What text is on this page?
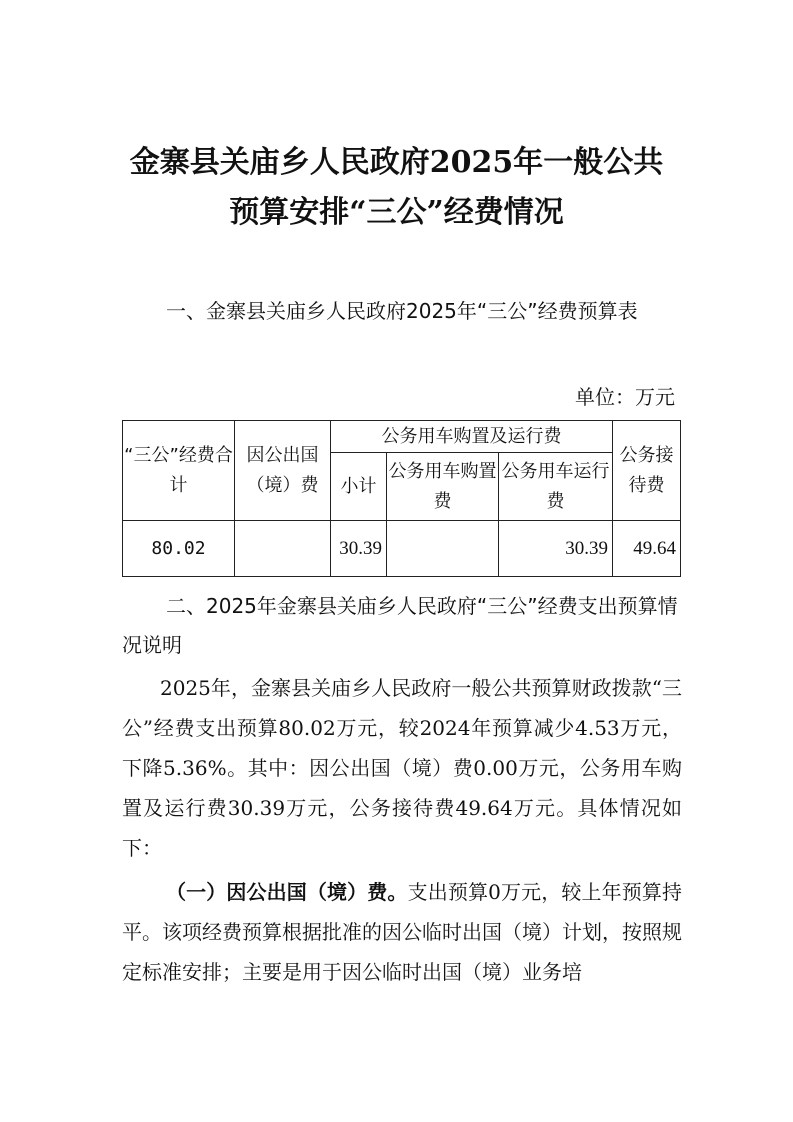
金寨县关庙乡人民政府2025年一般公共
预算安排“三公”经费情况

一、金寨县关庙乡人民政府2025年“三公”经费预算表

单位：万元
“三公”经费合计	因公出国（境）费	公务用车购置及运行费			公务接待费
		小计	公务用车购置费	公务用车运行费	
80.02		30.39		30.39	49.64

二、2025年金寨县关庙乡人民政府“三公”经费支出预算情况说明

2025年，金寨县关庙乡人民政府一般公共预算财政拨款“三公”经费支出预算80.02万元，较2024年预算减少4.53万元，下降5.36%。其中：因公出国（境）费0.00万元，公务用车购置及运行费30.39万元，公务接待费49.64万元。具体情况如下：

（一）因公出国（境）费。支出预算0万元，较上年预算持平。该项经费预算根据批准的因公临时出国（境）计划，按照规定标准安排；主要是用于因公临时出国（境）业务培
